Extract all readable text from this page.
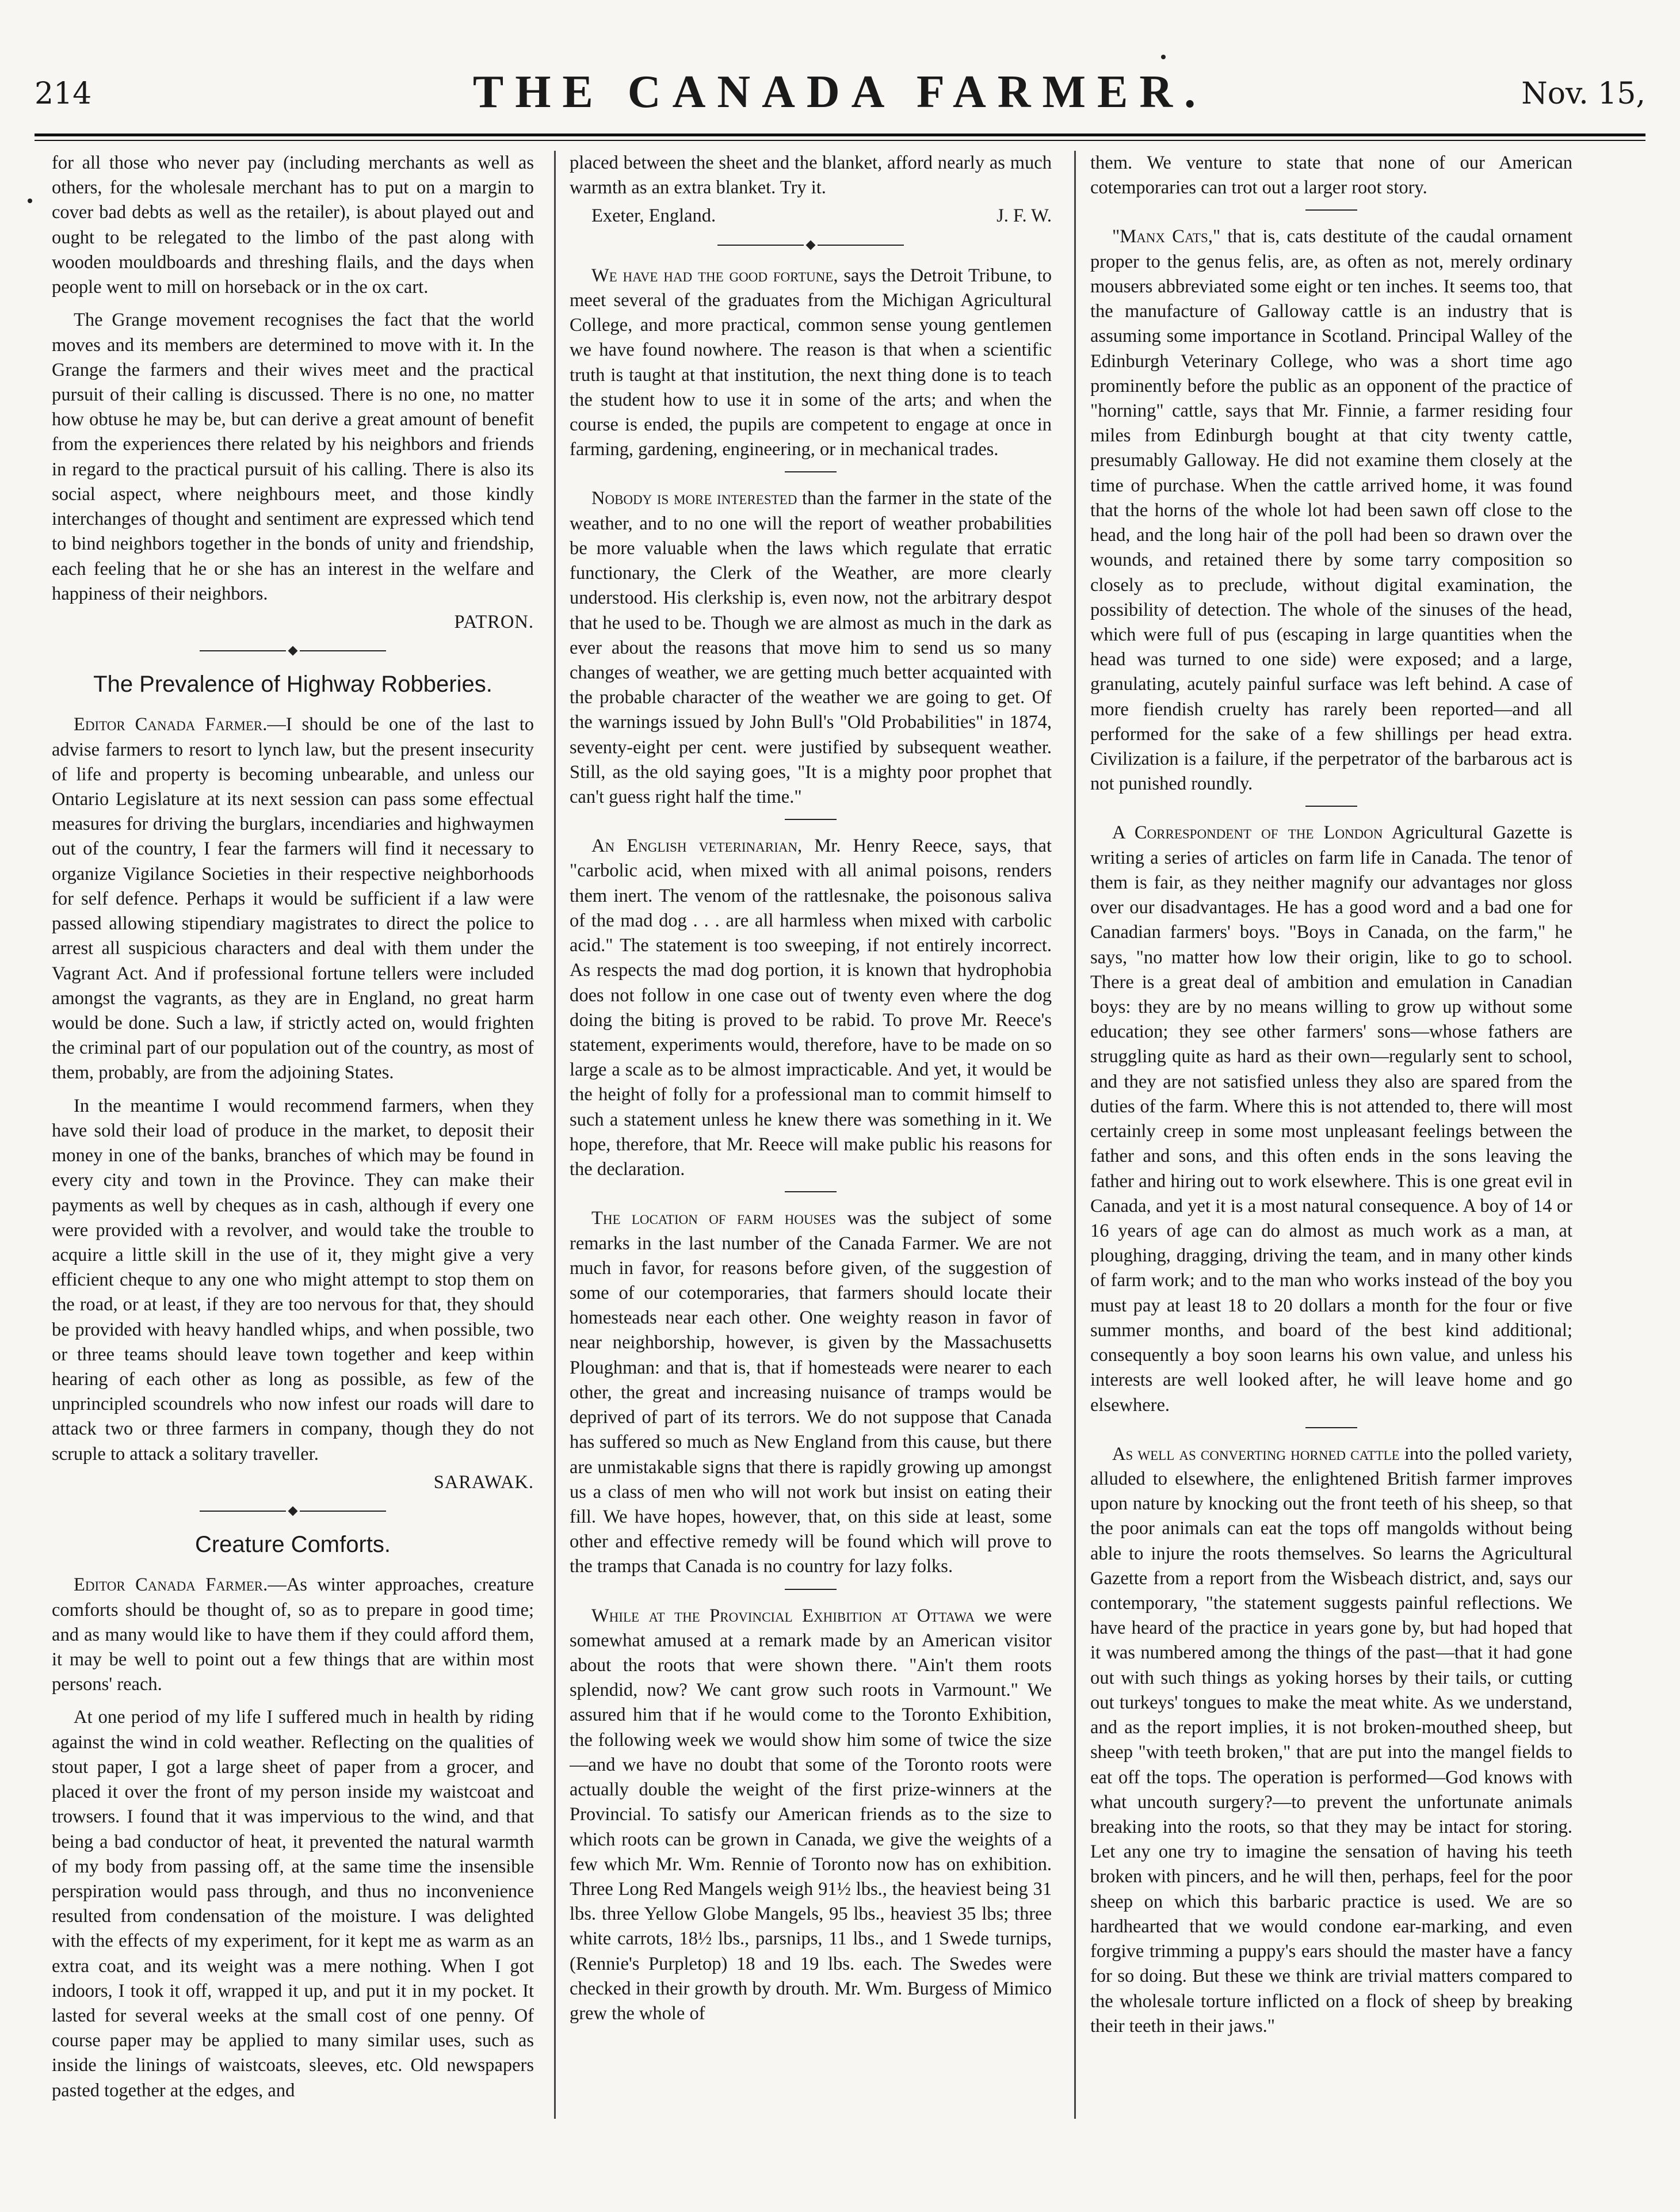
214	THE CANADA FARMER.	Nov. 15,

for all those who never pay (including merchants as well as others, for the wholesale merchant has to put on a margin to cover bad debts as well as the retailer), is about played out and ought to be relegated to the limbo of the past along with wooden mouldboards and threshing flails, and the days when people went to mill on horseback or in the ox cart.

The Grange movement recognises the fact that the world moves and its members are determined to move with it. In the Grange the farmers and their wives meet and the practical pursuit of their calling is discussed. There is no one, no matter how obtuse he may be, but can derive a great amount of benefit from the experiences there related by his neighbors and friends in regard to the practical pursuit of his calling. There is also its social aspect, where neighbours meet, and those kindly interchanges of thought and sentiment are expressed which tend to bind neighbors together in the bonds of unity and friendship, each feeling that he or she has an interest in the welfare and happiness of their neighbors.

PATRON.
The Prevalence of Highway Robberies.

Editor Canada Farmer.—I should be one of the last to advise farmers to resort to lynch law, but the present insecurity of life and property is becoming unbearable, and unless our Ontario Legislature at its next session can pass some effectual measures for driving the burglars, incendiaries and highwaymen out of the country, I fear the farmers will find it necessary to organize Vigilance Societies in their respective neighborhoods for self defence. Perhaps it would be sufficient if a law were passed allowing stipendiary magistrates to direct the police to arrest all suspicious characters and deal with them under the Vagrant Act. And if professional fortune tellers were included amongst the vagrants, as they are in England, no great harm would be done. Such a law, if strictly acted on, would frighten the criminal part of our population out of the country, as most of them, probably, are from the adjoining States.

In the meantime I would recommend farmers, when they have sold their load of produce in the market, to deposit their money in one of the banks, branches of which may be found in every city and town in the Province. They can make their payments as well by cheques as in cash, although if every one were provided with a revolver, and would take the trouble to acquire a little skill in the use of it, they might give a very efficient cheque to any one who might attempt to stop them on the road, or at least, if they are too nervous for that, they should be provided with heavy handled whips, and when possible, two or three teams should leave town together and keep within hearing of each other as long as possible, as few of the unprincipled scoundrels who now infest our roads will dare to attack two or three farmers in company, though they do not scruple to attack a solitary traveller.

SARAWAK.
Creature Comforts.

Editor Canada Farmer.—As winter approaches, creature comforts should be thought of, so as to prepare in good time; and as many would like to have them if they could afford them, it may be well to point out a few things that are within most persons' reach.

At one period of my life I suffered much in health by riding against the wind in cold weather. Reflecting on the qualities of stout paper, I got a large sheet of paper from a grocer, and placed it over the front of my person inside my waistcoat and trowsers. I found that it was impervious to the wind, and that being a bad conductor of heat, it prevented the natural warmth of my body from passing off, at the same time the insensible perspiration would pass through, and thus no inconvenience resulted from condensation of the moisture. I was delighted with the effects of my experiment, for it kept me as warm as an extra coat, and its weight was a mere nothing. When I got indoors, I took it off, wrapped it up, and put it in my pocket. It lasted for several weeks at the small cost of one penny. Of course paper may be applied to many similar uses, such as inside the linings of waistcoats, sleeves, etc. Old newspapers pasted together at the edges, and

placed between the sheet and the blanket, afford nearly as much warmth as an extra blanket. Try it.

Exeter, England.	J. F. W.

We have had the good fortune, says the Detroit Tribune, to meet several of the graduates from the Michigan Agricultural College, and more practical, common sense young gentlemen we have found nowhere. The reason is that when a scientific truth is taught at that institution, the next thing done is to teach the student how to use it in some of the arts; and when the course is ended, the pupils are competent to engage at once in farming, gardening, engineering, or in mechanical trades.

Nobody is more interested than the farmer in the state of the weather, and to no one will the report of weather probabilities be more valuable when the laws which regulate that erratic functionary, the Clerk of the Weather, are more clearly understood. His clerkship is, even now, not the arbitrary despot that he used to be. Though we are almost as much in the dark as ever about the reasons that move him to send us so many changes of weather, we are getting much better acquainted with the probable character of the weather we are going to get. Of the warnings issued by John Bull's "Old Probabilities" in 1874, seventy-eight per cent. were justified by subsequent weather. Still, as the old saying goes, "It is a mighty poor prophet that can't guess right half the time."

An English veterinarian, Mr. Henry Reece, says, that "carbolic acid, when mixed with all animal poisons, renders them inert. The venom of the rattlesnake, the poisonous saliva of the mad dog . . . are all harmless when mixed with carbolic acid." The statement is too sweeping, if not entirely incorrect. As respects the mad dog portion, it is known that hydrophobia does not follow in one case out of twenty even where the dog doing the biting is proved to be rabid. To prove Mr. Reece's statement, experiments would, therefore, have to be made on so large a scale as to be almost impracticable. And yet, it would be the height of folly for a professional man to commit himself to such a statement unless he knew there was something in it. We hope, therefore, that Mr. Reece will make public his reasons for the declaration.

The location of farm houses was the subject of some remarks in the last number of the Canada Farmer. We are not much in favor, for reasons before given, of the suggestion of some of our cotemporaries, that farmers should locate their homesteads near each other. One weighty reason in favor of near neighborship, however, is given by the Massachusetts Ploughman: and that is, that if homesteads were nearer to each other, the great and increasing nuisance of tramps would be deprived of part of its terrors. We do not suppose that Canada has suffered so much as New England from this cause, but there are unmistakable signs that there is rapidly growing up amongst us a class of men who will not work but insist on eating their fill. We have hopes, however, that, on this side at least, some other and effective remedy will be found which will prove to the tramps that Canada is no country for lazy folks.

While at the Provincial Exhibition at Ottawa we were somewhat amused at a remark made by an American visitor about the roots that were shown there. "Ain't them roots splendid, now? We cant grow such roots in Varmount." We assured him that if he would come to the Toronto Exhibition, the following week we would show him some of twice the size—and we have no doubt that some of the Toronto roots were actually double the weight of the first prize-winners at the Provincial. To satisfy our American friends as to the size to which roots can be grown in Canada, we give the weights of a few which Mr. Wm. Rennie of Toronto now has on exhibition. Three Long Red Mangels weigh 91½ lbs., the heaviest being 31 lbs. three Yellow Globe Mangels, 95 lbs., heaviest 35 lbs; three white carrots, 18½ lbs., parsnips, 11 lbs., and 1 Swede turnips, (Rennie's Purpletop) 18 and 19 lbs. each. The Swedes were checked in their growth by drouth. Mr. Wm. Burgess of Mimico grew the whole of

them. We venture to state that none of our American cotemporaries can trot out a larger root story.

"Manx Cats," that is, cats destitute of the caudal ornament proper to the genus felis, are, as often as not, merely ordinary mousers abbreviated some eight or ten inches. It seems too, that the manufacture of Galloway cattle is an industry that is assuming some importance in Scotland. Principal Walley of the Edinburgh Veterinary College, who was a short time ago prominently before the public as an opponent of the practice of "horning" cattle, says that Mr. Finnie, a farmer residing four miles from Edinburgh bought at that city twenty cattle, presumably Galloway. He did not examine them closely at the time of purchase. When the cattle arrived home, it was found that the horns of the whole lot had been sawn off close to the head, and the long hair of the poll had been so drawn over the wounds, and retained there by some tarry composition so closely as to preclude, without digital examination, the possibility of detection. The whole of the sinuses of the head, which were full of pus (escaping in large quantities when the head was turned to one side) were exposed; and a large, granulating, acutely painful surface was left behind. A case of more fiendish cruelty has rarely been reported—and all performed for the sake of a few shillings per head extra. Civilization is a failure, if the perpetrator of the barbarous act is not punished roundly.

A Correspondent of the London Agricultural Gazette is writing a series of articles on farm life in Canada. The tenor of them is fair, as they neither magnify our advantages nor gloss over our disadvantages. He has a good word and a bad one for Canadian farmers' boys. "Boys in Canada, on the farm," he says, "no matter how low their origin, like to go to school. There is a great deal of ambition and emulation in Canadian boys: they are by no means willing to grow up without some education; they see other farmers' sons—whose fathers are struggling quite as hard as their own—regularly sent to school, and they are not satisfied unless they also are spared from the duties of the farm. Where this is not attended to, there will most certainly creep in some most unpleasant feelings between the father and sons, and this often ends in the sons leaving the father and hiring out to work elsewhere. This is one great evil in Canada, and yet it is a most natural consequence. A boy of 14 or 16 years of age can do almost as much work as a man, at ploughing, dragging, driving the team, and in many other kinds of farm work; and to the man who works instead of the boy you must pay at least 18 to 20 dollars a month for the four or five summer months, and board of the best kind additional; consequently a boy soon learns his own value, and unless his interests are well looked after, he will leave home and go elsewhere.

As well as converting horned cattle into the polled variety, alluded to elsewhere, the enlightened British farmer improves upon nature by knocking out the front teeth of his sheep, so that the poor animals can eat the tops off mangolds without being able to injure the roots themselves. So learns the Agricultural Gazette from a report from the Wisbeach district, and, says our contemporary, "the statement suggests painful reflections. We have heard of the practice in years gone by, but had hoped that it was numbered among the things of the past—that it had gone out with such things as yoking horses by their tails, or cutting out turkeys' tongues to make the meat white. As we understand, and as the report implies, it is not broken-mouthed sheep, but sheep "with teeth broken," that are put into the mangel fields to eat off the tops. The operation is performed—God knows with what uncouth surgery?—to prevent the unfortunate animals breaking into the roots, so that they may be intact for storing. Let any one try to imagine the sensation of having his teeth broken with pincers, and he will then, perhaps, feel for the poor sheep on which this barbaric practice is used. We are so hardhearted that we would condone ear-marking, and even forgive trimming a puppy's ears should the master have a fancy for so doing. But these we think are trivial matters compared to the wholesale torture inflicted on a flock of sheep by breaking their teeth in their jaws."
